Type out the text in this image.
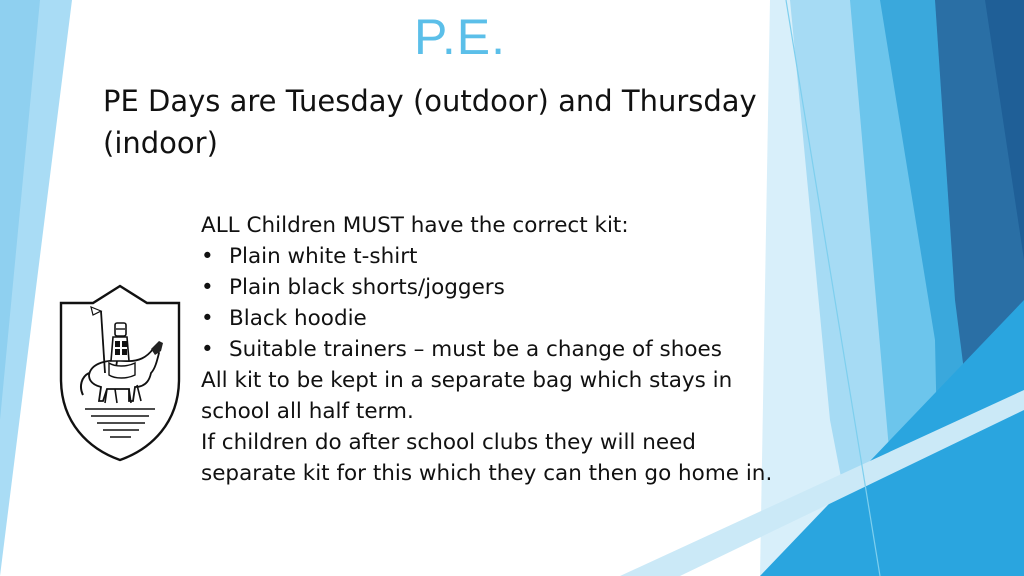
P.E.
PE Days are Tuesday (outdoor) and Thursday (indoor)

ALL Children MUST have the correct kit:

• Plain white t-shirt
• Plain black shorts/joggers
• Black hoodie
• Suitable trainers – must be a change of shoes

All kit to be kept in a separate bag which stays in school all half term.

If children do after school clubs they will need separate kit for this which they can then go home in.
